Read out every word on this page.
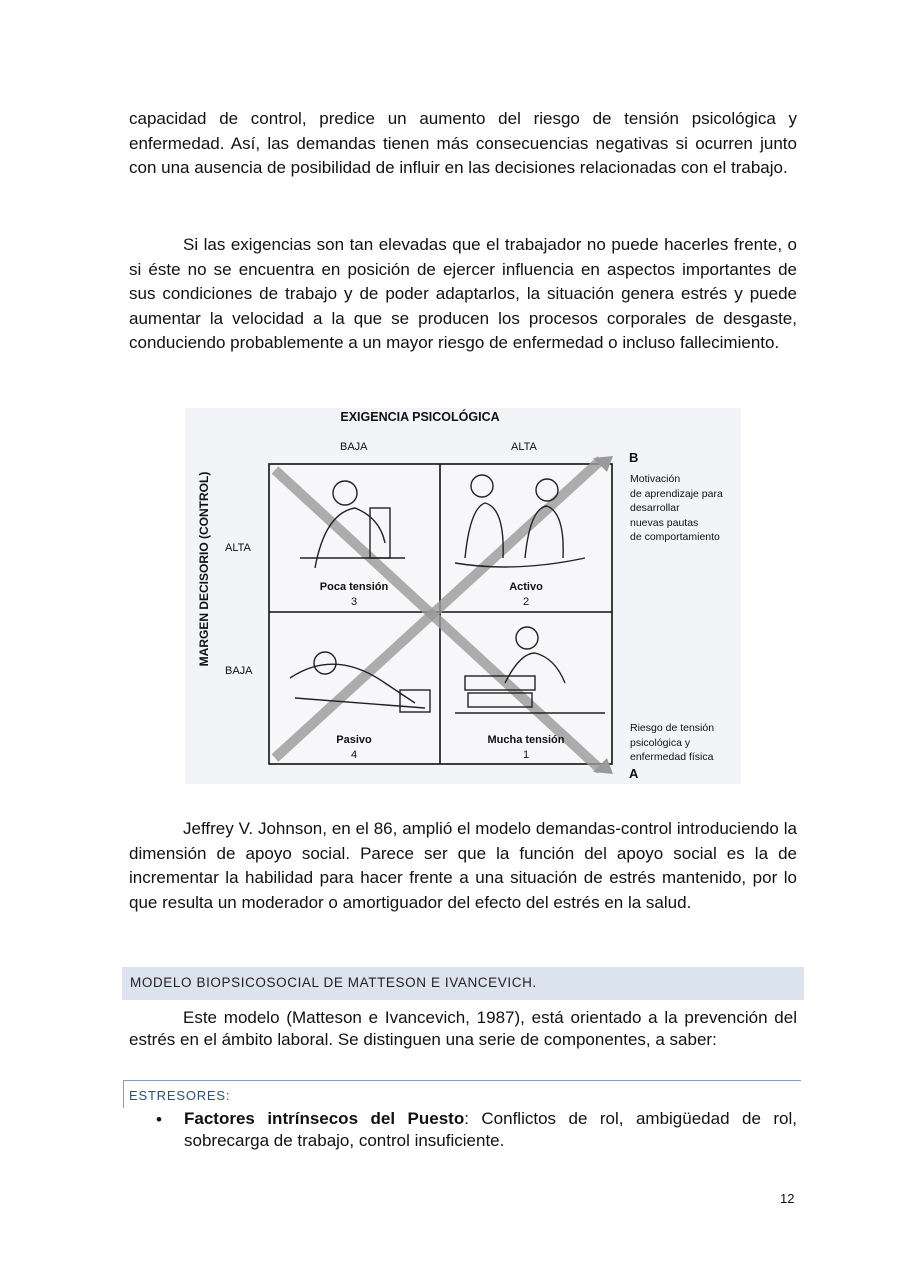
capacidad de control, predice un aumento del riesgo de tensión psicológica y enfermedad. Así, las demandas tienen más consecuencias negativas si ocurren junto con una ausencia de posibilidad de influir en las decisiones relacionadas con el trabajo.

Si las exigencias son tan elevadas que el trabajador no puede hacerles frente, o si éste no se encuentra en posición de ejercer influencia en aspectos importantes de sus condiciones de trabajo y de poder adaptarlos, la situación genera estrés y puede aumentar la velocidad a la que se producen los procesos corporales de desgaste, conduciendo probablemente a un mayor riesgo de enfermedad o incluso fallecimiento.

EXIGENCIA PSICOLÓGICA
BAJA	ALTA
MARGEN DECISORIO (CONTROL) ALTA
BAJA
Poca tensión
3
Activo
2
Pasivo
4
Mucha tensión
1
B
Motivación
de aprendizaje para
desarrollar
nuevas pautas
de comportamiento
Riesgo de tensión
psicológica y
enfermedad física
A

Jeffrey V. Johnson, en el 86, amplió el modelo demandas-control introduciendo la dimensión de apoyo social. Parece ser que la función del apoyo social es la de incrementar la habilidad para hacer frente a una situación de estrés mantenido, por lo que resulta un moderador o amortiguador del efecto del estrés en la salud.

MODELO BIOPSICOSOCIAL DE MATTESON E IVANCEVICH.

Este modelo (Matteson e Ivancevich, 1987), está orientado a la prevención del estrés en el ámbito laboral. Se distinguen una serie de componentes, a saber:

ESTRESORES:
• Factores intrínsecos del Puesto: Conflictos de rol, ambigüedad de rol, sobrecarga de trabajo, control insuficiente.

12
